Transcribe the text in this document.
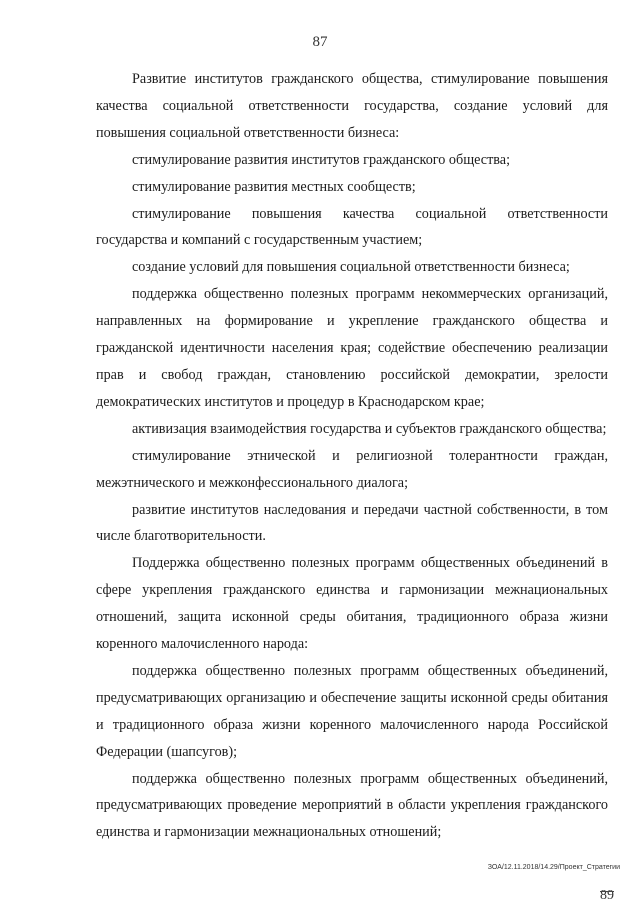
87

Развитие институтов гражданского общества, стимулирование повышения качества социальной ответственности государства, создание условий для повышения социальной ответственности бизнеса:

стимулирование развития институтов гражданского общества;

стимулирование развития местных сообществ;

стимулирование повышения качества социальной ответственности государства и компаний с государственным участием;

создание условий для повышения социальной ответственности бизнеса;

поддержка общественно полезных программ некоммерческих организаций, направленных на формирование и укрепление гражданского общества и гражданской идентичности населения края; содействие обеспечению реализации прав и свобод граждан, становлению российской демократии, зрелости демократических институтов и процедур в Краснодарском крае;

активизация взаимодействия государства и субъектов гражданского общества;

стимулирование этнической и религиозной толерантности граждан, межэтнического и межконфессионального диалога;

развитие институтов наследования и передачи частной собственности, в том числе благотворительности.

Поддержка общественно полезных программ общественных объединений в сфере укрепления гражданского единства и гармонизации межнациональных отношений, защита исконной среды обитания, традиционного образа жизни коренного малочисленного народа:

поддержка общественно полезных программ общественных объединений, предусматривающих организацию и обеспечение защиты исконной среды обитания и традиционного образа жизни коренного малочисленного народа Российской Федерации (шапсугов);

поддержка общественно полезных программ общественных объединений, предусматривающих проведение мероприятий в области укрепления гражданского единства и гармонизации межнациональных отношений;

ЗОА/12.11.2018/14.29/Проект_Стратегии
89
